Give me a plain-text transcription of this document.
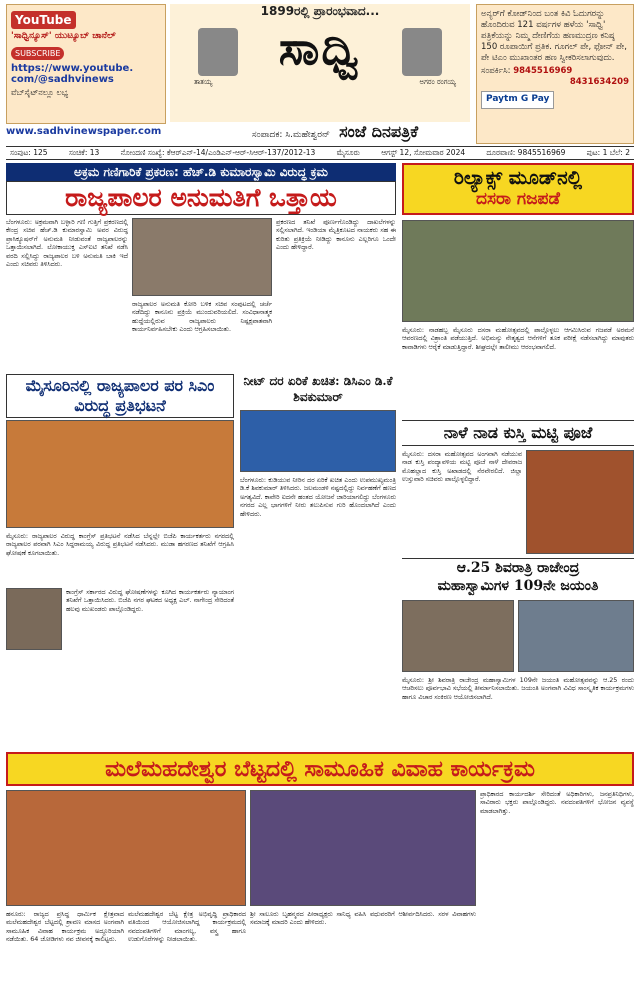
YouTube
'ಸಾಧ್ವಿನ್ಯೂಸ್' ಯುಟ್ಯೂಬ್ ಚಾನೆಲ್
SUBSCRIBE
https://www.youtube.
com/@sadhvinews
ವೆಬ್‌ಸೈಟ್‌ನಲ್ಲೂ ಲಭ್ಯ
www.sadhvinewspaper.com
1899ರಲ್ಲಿ ಪ್ರಾರಂಭವಾದ...
ತಾತಯ್ಯ	ಅಗರಂ ರಂಗಯ್ಯ
ಸಾಧ್ವಿ
ಸಂಪಾದಕ: ಸಿ.ಮಹೇಶ್ವರನ್ ಸಂಜೆ ದಿನಪತ್ರಿಕೆ
ಅನ್ಯರ್‌ಗೆ ಕೋಡ್‌ನಿಂದ ಬಂತ ಕಿವಿ ಓದುಗರನ್ನು ಹೊಂದಿರುವ 121 ವರ್ಷಗಳ ಹಳೆಯ 'ಸಾಧ್ವಿ' ಪತ್ರಿಕೆಯನ್ನು ನಿಮ್ಮ ದೇಣಿಗೆಯ ಹಣಮುದ್ರಣ ಕನಿಷ್ಠ 150 ರೂಪಾಯಿಗೆ ಪ್ರತಿಕ. ಗೂಗಲ್ ಪೇ, ಫೋನ್ ಪೇ, ಪೇ ಟಿಎಂ ಮುಖಾಂತರ ಹಣ ಸ್ವೀಕರಿಸಲಾಗುವುದು.
ಸಂಪರ್ಕಿಸಿ: 9845516969
8431634209
Paytm G Pay
ಸಂಪುಟ: 125	ಸಂಚಿಕೆ: 13	ನೋಂದಣಿ ಸಂಖ್ಯೆ: ಕೆಆರ್‌ಎನ್‌-14/ಎಂಡಿಎನ್-ಆರ್-ಸಿಆರ್-137/2012-13	ಮೈಸೂರು	ಆಗಸ್ಟ್ 12, ಸೋಮವಾರ 2024	ದೂರವಾಣಿ: 9845516969	ಪುಟ: 1 ಬೆಲೆ: 2
ಅಕ್ರಮ ಗಣಿಗಾರಿಕೆ ಪ್ರಕರಣ: ಹೆಚ್.ಡಿ ಕುಮಾರಸ್ವಾಮಿ ವಿರುದ್ಧ ಕ್ರಮ
ರಾಜ್ಯಪಾಲರ ಅನುಮತಿಗೆ ಒತ್ತಾಯ
ಬೆಂಗಳೂರು: ಅಕ್ರಮವಾಗಿ ಬಳ್ಳಾರಿ ಗಣಿ ಗುತ್ತಿಗೆ ಪ್ರಕರಣದಲ್ಲಿ ಕೇಂದ್ರ ಸಚಿವ ಹೆಚ್.ಡಿ ಕುಮಾರಸ್ವಾಮಿ ಅವರ ವಿರುದ್ಧ ಪ್ರಾಸಿಕ್ಯೂಷನ್‌ಗೆ ಅನುಮತಿ ನೀಡುವಂತೆ ರಾಜ್ಯಪಾಲರನ್ನು ಒತ್ತಾಯಿಸಲಾಗಿದೆ. ಲೋಕಾಯುಕ್ತ ಎಸ್‌ಐಟಿ ತನಿಖೆ ನಡೆಸಿ ವರದಿ ಸಲ್ಲಿಸಿದ್ದು ರಾಜ್ಯಪಾಲರ ಬಳಿ ಅನುಮತಿ ಬಾಕಿ ಇದೆ ಎಂದು ಸಚಿವರು ತಿಳಿಸಿದರು.
ರಾಜ್ಯಪಾಲರ ಅನುಮತಿ ಕೋರಿ ಬಳಿಕ ಸಚಿವ ಸಂಪುಟದಲ್ಲಿ ಚರ್ಚೆ ನಡೆದಿದ್ದು ಕಾನೂನು ಪ್ರಕ್ರಿಯೆ ಮುಂದುವರಿಯಲಿದೆ. ಸಂವಿಧಾನಾತ್ಮಕ ಹುದ್ದೆಯಲ್ಲಿರುವ ರಾಜ್ಯಪಾಲರು ನಿಷ್ಪಕ್ಷಪಾತವಾಗಿ ಕಾರ್ಯನಿರ್ವಹಿಸಬೇಕು ಎಂದು ಆಗ್ರಹಿಸಲಾಯಿತು.
ಪ್ರಕರಣದ ತನಿಖೆ ಪೂರ್ಣಗೊಂಡಿದ್ದು ದಾಖಲೆಗಳನ್ನು ಸಲ್ಲಿಸಲಾಗಿದೆ. ಇಂಡಿಯಾ ಮೈತ್ರಿಕೂಟದ ನಾಯಕರು ಸಹ ಈ ಕುರಿತು ಪ್ರತಿಕ್ರಿಯೆ ನೀಡಿದ್ದು ಕಾನೂನು ಎಲ್ಲರಿಗೂ ಒಂದೇ ಎಂದು ಹೇಳಿದ್ದಾರೆ.
ರಿಲ್ಯಾಕ್ಸ್ ಮೂಡ್‌ನಲ್ಲಿ
ದಸರಾ ಗಜಪಡೆ
ಮೈಸೂರು: ನಾಡಹಬ್ಬ ಮೈಸೂರು ದಸರಾ ಮಹೋತ್ಸವದಲ್ಲಿ ಪಾಲ್ಗೊಳ್ಳಲು ಆಗಮಿಸಿರುವ ಗಜಪಡೆ ಅರಮನೆ ಆವರಣದಲ್ಲಿ ವಿಶ್ರಾಂತಿ ಪಡೆಯುತ್ತಿದೆ. ಅಭಿಮನ್ಯು ನೇತೃತ್ವದ ಆನೆಗಳಿಗೆ ತೂಕ ಪರೀಕ್ಷೆ ನಡೆಸಲಾಗಿದ್ದು ಮಾವುತರು ಕಾವಾಡಿಗಳು ಆರೈಕೆ ಮಾಡುತ್ತಿದ್ದಾರೆ. ಶೀಘ್ರದಲ್ಲೇ ತಾಲೀಮು ಆರಂಭವಾಗಲಿದೆ.
ಮೈಸೂರಿನಲ್ಲಿ ರಾಜ್ಯಪಾಲರ ಪರ ಸಿಎಂ ವಿರುದ್ಧ ಪ್ರತಿಭಟನೆ
ಮೈಸೂರು: ರಾಜ್ಯಪಾಲರ ವಿರುದ್ಧ ಕಾಂಗ್ರೆಸ್ ಪ್ರತಿಭಟನೆ ನಡೆಸಿದ ಬೆನ್ನಲ್ಲೇ ಬಿಜೆಪಿ ಕಾರ್ಯಕರ್ತರು ನಗರದಲ್ಲಿ ರಾಜ್ಯಪಾಲರ ಪರವಾಗಿ ಸಿಎಂ ಸಿದ್ದರಾಮಯ್ಯ ವಿರುದ್ಧ ಪ್ರತಿಭಟನೆ ನಡೆಸಿದರು. ಮುಡಾ ಹಗರಣದ ತನಿಖೆಗೆ ಆಗ್ರಹಿಸಿ ಘೋಷಣೆ ಕೂಗಲಾಯಿತು.
ಕಾಂಗ್ರೆಸ್ ಸರ್ಕಾರದ ವಿರುದ್ಧ ಘೋಷಣೆಗಳನ್ನು ಕೂಗಿದ ಕಾರ್ಯಕರ್ತರು ನ್ಯಾಯಾಂಗ ತನಿಖೆಗೆ ಒತ್ತಾಯಿಸಿದರು. ಬಿಜೆಪಿ ನಗರ ಘಟಕದ ಅಧ್ಯಕ್ಷ ಎಲ್. ನಾಗೇಂದ್ರ ಸೇರಿದಂತೆ ಹಲವು ಮುಖಂಡರು ಪಾಲ್ಗೊಂಡಿದ್ದರು.
ನೀಟ್ ದರ ಏರಿಕೆ ಖಚಿತ: ಡಿಸಿಎಂ ಡಿ.ಕೆ ಶಿವಕುಮಾರ್
ಬೆಂಗಳೂರು: ಕುಡಿಯುವ ನೀರಿನ ದರ ಏರಿಕೆ ಖಚಿತ ಎಂದು ಉಪಮುಖ್ಯಮಂತ್ರಿ ಡಿ.ಕೆ ಶಿವಕುಮಾರ್ ತಿಳಿಸಿದರು. ಜಲಮಂಡಳಿ ನಷ್ಟದಲ್ಲಿದ್ದು ನಿರ್ವಹಣೆಗೆ ಹಣದ ಅಗತ್ಯವಿದೆ. ಕಾವೇರಿ ಐದನೇ ಹಂತದ ಯೋಜನೆ ಜಾರಿಯಾಗಲಿದ್ದು ಬೆಂಗಳೂರು ನಗರದ ಎಲ್ಲ ಭಾಗಗಳಿಗೆ ನೀರು ತಲುಪಿಸುವ ಗುರಿ ಹೊಂದಲಾಗಿದೆ ಎಂದು ಹೇಳಿದರು.
ನಾಳೆ ನಾಡ ಕುಸ್ತಿ ಮಟ್ಟಿ ಪೂಜೆ
ಮೈಸೂರು: ದಸರಾ ಮಹೋತ್ಸವದ ಅಂಗವಾಗಿ ನಡೆಯುವ ನಾಡ ಕುಸ್ತಿ ಪಂದ್ಯಾವಳಿಯ ಮಟ್ಟಿ ಪೂಜೆ ನಾಳೆ ದೇವರಾಜ ಮೊಹಲ್ಲಾದ ಕುಸ್ತಿ ಅಖಾಡದಲ್ಲಿ ನೆರವೇರಲಿದೆ. ಜಿಲ್ಲಾ ಉಸ್ತುವಾರಿ ಸಚಿವರು ಪಾಲ್ಗೊಳ್ಳಲಿದ್ದಾರೆ.
ಆ.25 ಶಿವರಾತ್ರಿ ರಾಜೇಂದ್ರ
ಮಹಾಸ್ವಾಮಿಗಳ 109ನೇ ಜಯಂತಿ
ಮೈಸೂರು: ಶ್ರೀ ಶಿವರಾತ್ರಿ ರಾಜೇಂದ್ರ ಮಹಾಸ್ವಾಮಿಗಳ 109ನೇ ಜಯಂತಿ ಮಹೋತ್ಸವವನ್ನು ಆ.25 ರಂದು ಆಚರಿಸಲು ಪೂರ್ವಭಾವಿ ಸಭೆಯಲ್ಲಿ ತೀರ್ಮಾನಿಸಲಾಯಿತು. ಜಯಂತಿ ಅಂಗವಾಗಿ ವಿವಿಧ ಸಾಂಸ್ಕೃತಿಕ ಕಾರ್ಯಕ್ರಮಗಳು ಹಾಗೂ ವಿಚಾರ ಸಂಕಿರಣ ಆಯೋಜಿಸಲಾಗಿದೆ.
ಮಲೆಮಹದೇಶ್ವರ ಬೆಟ್ಟದಲ್ಲಿ ಸಾಮೂಹಿಕ ವಿವಾಹ ಕಾರ್ಯಕ್ರಮ
ಪ್ರಾಧಿಕಾರದ ಕಾರ್ಯದರ್ಶಿ ಸೇರಿದಂತೆ ಅಧಿಕಾರಿಗಳು, ಜನಪ್ರತಿನಿಧಿಗಳು, ಸಾವಿರಾರು ಭಕ್ತರು ಪಾಲ್ಗೊಂಡಿದ್ದರು. ನವದಂಪತಿಗಳಿಗೆ ಭೋಜನ ವ್ಯವಸ್ಥೆ ಮಾಡಲಾಗಿತ್ತು.
ಹನೂರು: ರಾಜ್ಯದ ಪ್ರಸಿದ್ಧ ಧಾರ್ಮಿಕ ಕ್ಷೇತ್ರವಾದ ಮಲೆಮಹದೇಶ್ವರ ಬೆಟ್ಟದಲ್ಲಿ ಶ್ರಾವಣ ಮಾಸದ ಅಂಗವಾಗಿ ಸಾಮೂಹಿಕ ವಿವಾಹ ಕಾರ್ಯಕ್ರಮ ಅದ್ದೂರಿಯಾಗಿ ನಡೆಯಿತು. 64 ಜೋಡಿಗಳು ನವ ಜೀವನಕ್ಕೆ ಕಾಲಿಟ್ಟರು.
ಮಲೆಮಹದೇಶ್ವರ ಬೆಟ್ಟ ಕ್ಷೇತ್ರ ಅಭಿವೃದ್ಧಿ ಪ್ರಾಧಿಕಾರದ ವತಿಯಿಂದ ಆಯೋಜಿಸಲಾಗಿದ್ದ ಕಾರ್ಯಕ್ರಮದಲ್ಲಿ ನವದಂಪತಿಗಳಿಗೆ ಮಾಂಗಲ್ಯ, ವಸ್ತ್ರ ಹಾಗೂ ಉಡುಗೊರೆಗಳನ್ನು ನೀಡಲಾಯಿತು.
ಶ್ರೀ ಸಾಲೂರು ಬೃಹನ್ಮಠದ ಪೀಠಾಧ್ಯಕ್ಷರು ಸಾನಿಧ್ಯ ವಹಿಸಿ ವಧುವರರಿಗೆ ಆಶೀರ್ವದಿಸಿದರು. ಸರಳ ವಿವಾಹಗಳು ಸಮಾಜಕ್ಕೆ ಮಾದರಿ ಎಂದು ಹೇಳಿದರು.
